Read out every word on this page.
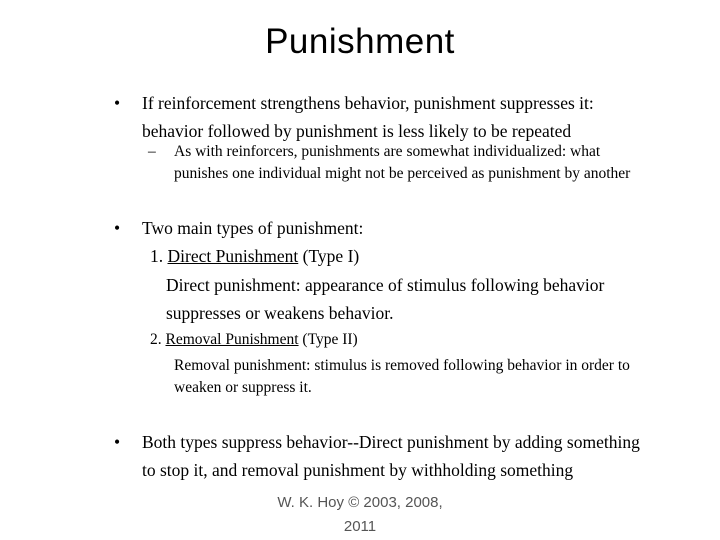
Punishment
• If reinforcement strengthens behavior, punishment suppresses it:
behavior followed by punishment is less likely to be repeated
– As with reinforcers, punishments are somewhat individualized: what
punishes one individual might not be perceived as punishment by another
• Two main types of punishment:
1. Direct Punishment (Type I)
Direct punishment: appearance of stimulus following behavior
suppresses or weakens behavior.
2. Removal Punishment (Type II)
Removal punishment: stimulus is removed following behavior in order to
weaken or suppress it.
• Both types suppress behavior--Direct punishment by adding something
to stop it, and removal punishment by withholding something
W. K. Hoy © 2003, 2008,
2011
